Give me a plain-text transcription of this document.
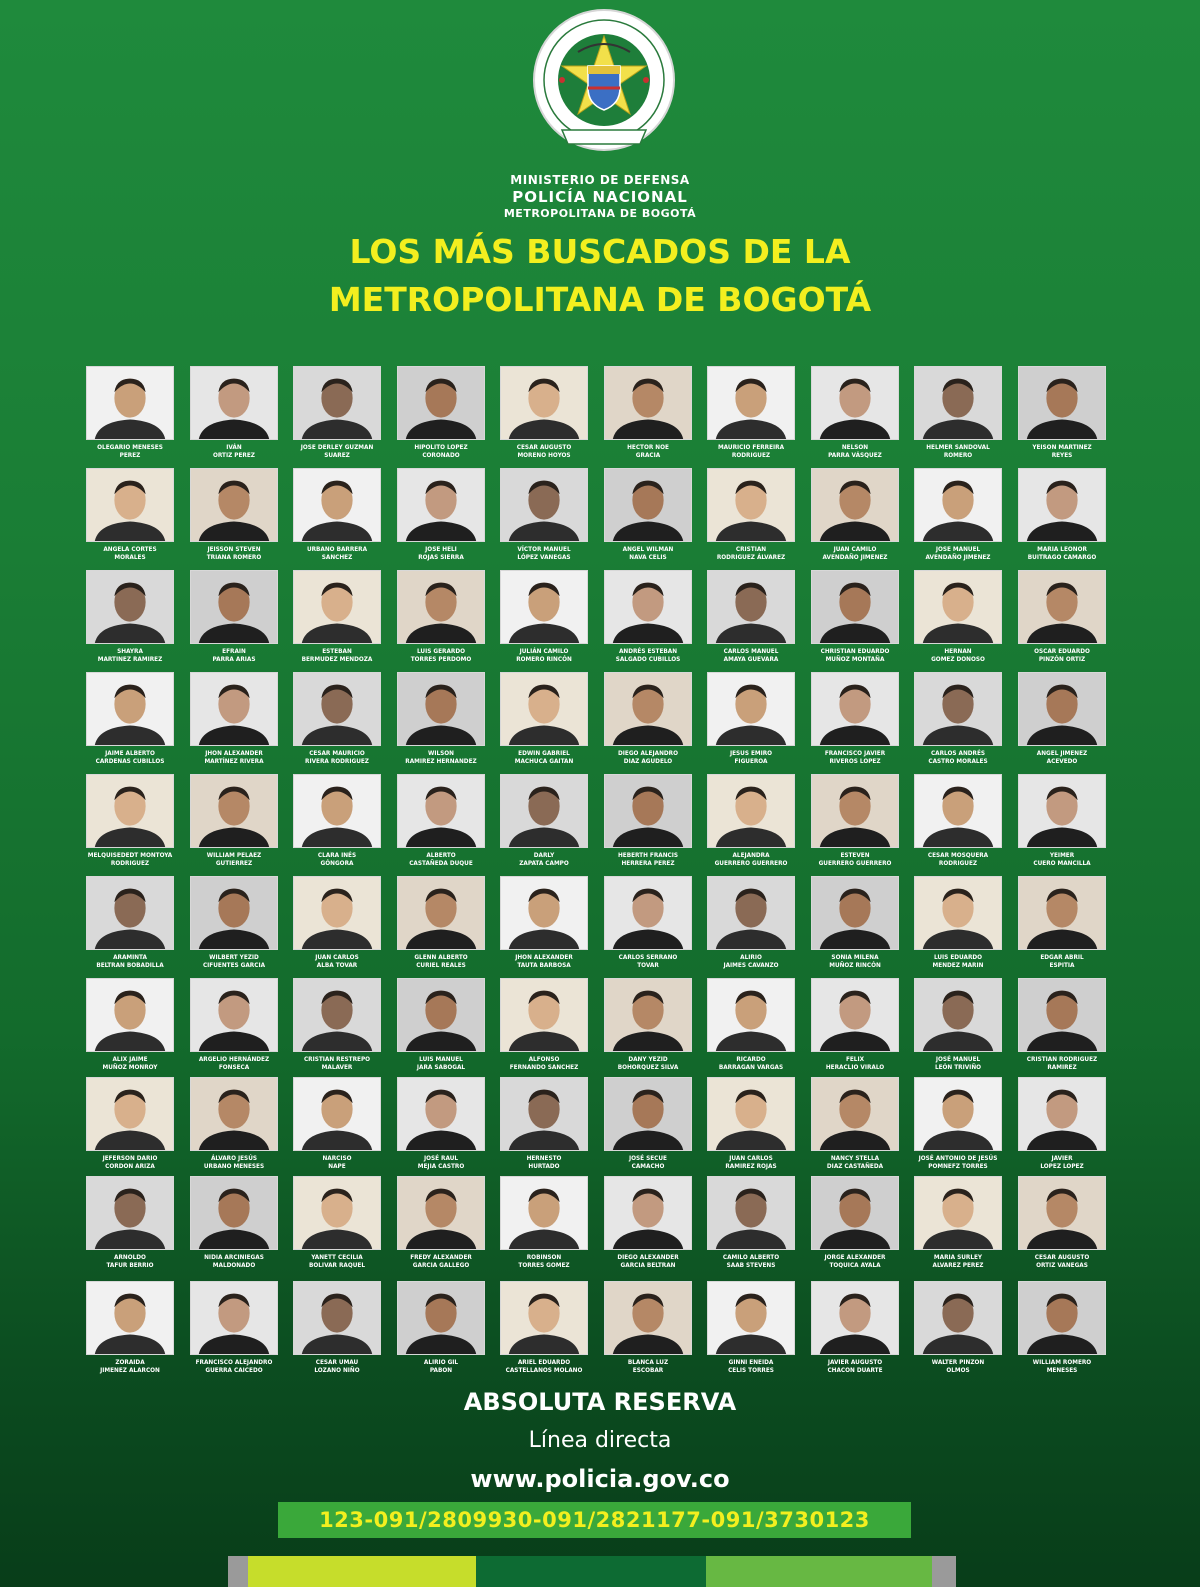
MINISTERIO DE DEFENSA
POLICÍA NACIONAL
METROPOLITANA DE BOGOTÁ
LOS MÁS BUSCADOS DE LA
METROPOLITANA DE BOGOTÁ
OLEGARIO MENESES
PEREZ
IVÁN
ORTIZ PEREZ
JOSE DERLEY GUZMAN
SUAREZ
HIPOLITO LOPEZ
CORONADO
CESAR AUGUSTO
MORENO HOYOS
HECTOR NOE
GRACIA
MAURICIO FERREIRA
RODRIGUEZ
NELSON
PARRA VÁSQUEZ
HELMER SANDOVAL
ROMERO
YEISON MARTINEZ
REYES
ANGELA CORTES
MORALES
JEISSON STEVEN
TRIANA ROMERO
URBANO BARRERA
SANCHEZ
JOSE HELI
ROJAS SIERRA
VÍCTOR MANUEL
LÓPEZ VANEGAS
ANGEL WILMAN
NAVA CELIS
CRISTIAN
RODRIGUEZ ÁLVAREZ
JUAN CAMILO
AVENDAÑO JIMENEZ
JOSE MANUEL
AVENDAÑO JIMENEZ
MARIA LEONOR
BUITRAGO CAMARGO
SHAYRA
MARTINEZ RAMIREZ
EFRAIN
PARRA ARIAS
ESTEBAN
BERMUDEZ MENDOZA
LUIS GERARDO
TORRES PERDOMO
JULIÁN CAMILO
ROMERO RINCÓN
ANDRÉS ESTEBAN
SALGADO CUBILLOS
CARLOS MANUEL
AMAYA GUEVARA
CHRISTIAN EDUARDO
MUÑOZ MONTAÑA
HERNAN
GOMEZ DONOSO
OSCAR EDUARDO
PINZÓN ORTIZ
JAIME ALBERTO
CARDENAS CUBILLOS
JHON ALEXANDER
MARTÍNEZ RIVERA
CESAR MAURICIO
RIVERA RODRIGUEZ
WILSON
RAMIREZ HERNANDEZ
EDWIN GABRIEL
MACHUCA GAITAN
DIEGO ALEJANDRO
DIAZ AGUDELO
JESUS EMIRO
FIGUEROA
FRANCISCO JAVIER
RIVEROS LOPEZ
CARLOS ANDRÉS
CASTRO MORALES
ANGEL JIMENEZ
ACEVEDO
MELQUISEDEDT MONTOYA
RODRIGUEZ
WILLIAM PELAEZ
GUTIERREZ
CLARA INÉS
GÓNGORA
ALBERTO
CASTAÑEDA DUQUE
DARLY
ZAPATA CAMPO
HEBERTH FRANCIS
HERRERA PEREZ
ALEJANDRA
GUERRERO GUERRERO
ESTEVEN
GUERRERO GUERRERO
CESAR MOSQUERA
RODRIGUEZ
YEIMER
CUERO MANCILLA
ARAMINTA
BELTRAN BOBADILLA
WILBERT YEZID
CIFUENTES GARCIA
JUAN CARLOS
ALBA TOVAR
GLENN ALBERTO
CURIEL REALES
JHON ALEXANDER
TAUTA BARBOSA
CARLOS SERRANO
TOVAR
ALIRIO
JAIMES CAVANZO
SONIA MILENA
MUÑOZ RINCÓN
LUIS EDUARDO
MENDEZ MARIN
EDGAR ABRIL
ESPITIA
ALIX JAIME
MUÑOZ MONROY
ARGELIO HERNÁNDEZ
FONSECA
CRISTIAN RESTREPO
MALAVER
LUIS MANUEL
JARA SABOGAL
ALFONSO
FERNANDO SANCHEZ
DANY YEZID
BOHORQUEZ SILVA
RICARDO
BARRAGAN VARGAS
FELIX
HERACLIO VIRALO
JOSÉ MANUEL
LEÓN TRIVIÑO
CRISTIAN RODRIGUEZ
RAMIREZ
JEFERSON DARIO
CORDON ARIZA
ÁLVARO JESÚS
URBANO MENESES
NARCISO
NAPE
JOSÉ RAUL
MEJIA CASTRO
HERNESTO
HURTADO
JOSÉ SECUE
CAMACHO
JUAN CARLOS
RAMIREZ ROJAS
NANCY STELLA
DIAZ CASTAÑEDA
JOSÉ ANTONIO DE JESÚS
POMNEFZ TORRES
JAVIER
LOPEZ LOPEZ
ARNOLDO
TAFUR BERRIO
NIDIA ARCINIEGAS
MALDONADO
YANETT CECILIA
BOLIVAR RAQUEL
FREDY ALEXANDER
GARCIA GALLEGO
ROBINSON
TORRES GOMEZ
DIEGO ALEXANDER
GARCIA BELTRAN
CAMILO ALBERTO
SAAB STEVENS
JORGE ALEXANDER
TOQUICA AYALA
MARIA SURLEY
ALVAREZ PEREZ
CESAR AUGUSTO
ORTIZ VANEGAS
ZORAIDA
JIMENEZ ALARCON
FRANCISCO ALEJANDRO
GUERRA CAICEDO
CESAR UMAU
LOZANO NIÑO
ALIRIO GIL
PABON
ARIEL EDUARDO
CASTELLANOS MOLANO
BLANCA LUZ
ESCOBAR
GINNI ENEIDA
CELIS TORRES
JAVIER AUGUSTO
CHACON DUARTE
WALTER PINZON
OLMOS
WILLIAM ROMERO
MENESES
ABSOLUTA RESERVA
Línea directa
www.policia.gov.co
123-091/2809930-091/2821177-091/3730123
